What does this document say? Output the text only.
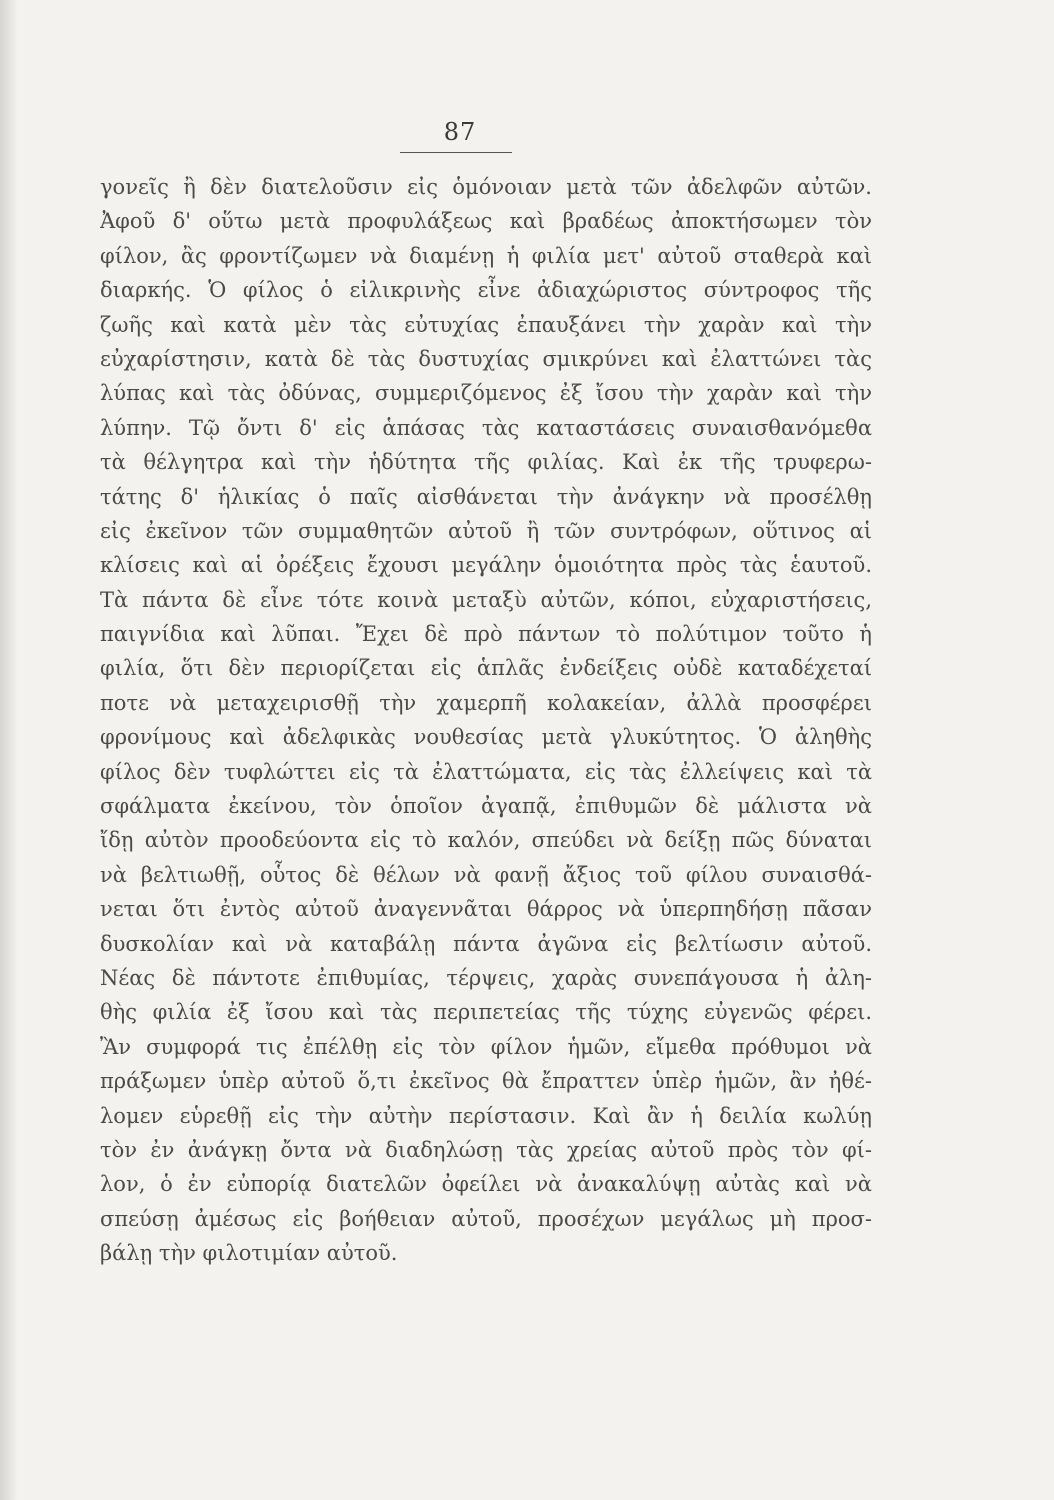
87
γονεῖς ἢ δὲν διατελοῦσιν εἰς ὁμόνοιαν μετὰ τῶν ἀδελφῶν αὐτῶν.
Ἀφοῦ δ' οὕτω μετὰ προφυλάξεως καὶ βραδέως ἀποκτήσωμεν τὸν
φίλον, ἂς φροντίζωμεν νὰ διαμένῃ ἡ φιλία μετ' αὐτοῦ σταθερὰ καὶ
διαρκής. Ὁ φίλος ὁ εἰλικρινὴς εἶνε ἀδιαχώριστος σύντροφος τῆς
ζωῆς καὶ κατὰ μὲν τὰς εὐτυχίας ἐπαυξάνει τὴν χαρὰν καὶ τὴν
εὐχαρίστησιν, κατὰ δὲ τὰς δυστυχίας σμικρύνει καὶ ἐλαττώνει τὰς
λύπας καὶ τὰς ὀδύνας, συμμεριζόμενος ἐξ ἴσου τὴν χαρὰν καὶ τὴν
λύπην. Τῷ ὄντι δ' εἰς ἁπάσας τὰς καταστάσεις συναισθανόμεθα
τὰ θέλγητρα καὶ τὴν ἡδύτητα τῆς φιλίας. Καὶ ἐκ τῆς τρυφερω-
τάτης δ' ἡλικίας ὁ παῖς αἰσθάνεται τὴν ἀνάγκην νὰ προσέλθῃ
εἰς ἐκεῖνον τῶν συμμαθητῶν αὐτοῦ ἢ τῶν συντρόφων, οὕτινος αἱ
κλίσεις καὶ αἱ ὀρέξεις ἔχουσι μεγάλην ὁμοιότητα πρὸς τὰς ἑαυτοῦ.
Τὰ πάντα δὲ εἶνε τότε κοινὰ μεταξὺ αὐτῶν, κόποι, εὐχαριστήσεις,
παιγνίδια καὶ λῦπαι. Ἔχει δὲ πρὸ πάντων τὸ πολύτιμον τοῦτο ἡ
φιλία, ὅτι δὲν περιορίζεται εἰς ἁπλᾶς ἐνδείξεις οὐδὲ καταδέχεταί
ποτε νὰ μεταχειρισθῇ τὴν χαμερπῆ κολακείαν, ἀλλὰ προσφέρει
φρονίμους καὶ ἀδελφικὰς νουθεσίας μετὰ γλυκύτητος. Ὁ ἀληθὴς
φίλος δὲν τυφλώττει εἰς τὰ ἐλαττώματα, εἰς τὰς ἐλλείψεις καὶ τὰ
σφάλματα ἐκείνου, τὸν ὁποῖον ἀγαπᾷ, ἐπιθυμῶν δὲ μάλιστα νὰ
ἴδῃ αὐτὸν προοδεύοντα εἰς τὸ καλόν, σπεύδει νὰ δείξῃ πῶς δύναται
νὰ βελτιωθῇ, οὗτος δὲ θέλων νὰ φανῇ ἄξιος τοῦ φίλου συναισθά-
νεται ὅτι ἐντὸς αὐτοῦ ἀναγεννᾶται θάρρος νὰ ὑπερπηδήσῃ πᾶσαν
δυσκολίαν καὶ νὰ καταβάλῃ πάντα ἀγῶνα εἰς βελτίωσιν αὐτοῦ.
Νέας δὲ πάντοτε ἐπιθυμίας, τέρψεις, χαρὰς συνεπάγουσα ἡ ἀλη-
θὴς φιλία ἐξ ἴσου καὶ τὰς περιπετείας τῆς τύχης εὐγενῶς φέρει.
Ἂν συμφορά τις ἐπέλθῃ εἰς τὸν φίλον ἡμῶν, εἴμεθα πρόθυμοι νὰ
πράξωμεν ὑπὲρ αὐτοῦ ὅ,τι ἐκεῖνος θὰ ἔπραττεν ὑπὲρ ἡμῶν, ἂν ἠθέ-
λομεν εὑρεθῇ εἰς τὴν αὐτὴν περίστασιν. Καὶ ἂν ἡ δειλία κωλύῃ
τὸν ἐν ἀνάγκῃ ὄντα νὰ διαδηλώσῃ τὰς χρείας αὐτοῦ πρὸς τὸν φί-
λον, ὁ ἐν εὐπορίᾳ διατελῶν ὀφείλει νὰ ἀνακαλύψῃ αὐτὰς καὶ νὰ
σπεύσῃ ἀμέσως εἰς βοήθειαν αὐτοῦ, προσέχων μεγάλως μὴ προσ-
βάλῃ τὴν φιλοτιμίαν αὐτοῦ.
